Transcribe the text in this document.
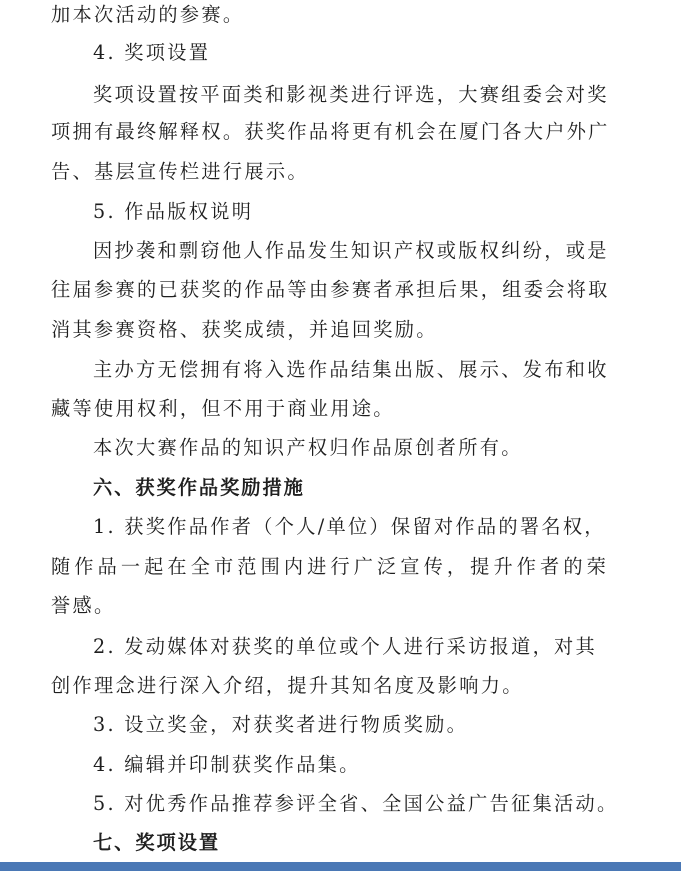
加本次活动的参赛。
4. 奖项设置
奖项设置按平面类和影视类进行评选，大赛组委会对奖
项拥有最终解释权。获奖作品将更有机会在厦门各大户外广
告、基层宣传栏进行展示。
5. 作品版权说明
因抄袭和剽窃他人作品发生知识产权或版权纠纷，或是
往届参赛的已获奖的作品等由参赛者承担后果，组委会将取
消其参赛资格、获奖成绩，并追回奖励。
主办方无偿拥有将入选作品结集出版、展示、发布和收
藏等使用权利，但不用于商业用途。
本次大赛作品的知识产权归作品原创者所有。
六、获奖作品奖励措施
1. 获奖作品作者（个人/单位）保留对作品的署名权，
随作品一起在全市范围内进行广泛宣传，提升作者的荣
誉感。
2. 发动媒体对获奖的单位或个人进行采访报道，对其
创作理念进行深入介绍，提升其知名度及影响力。
3. 设立奖金，对获奖者进行物质奖励。
4. 编辑并印制获奖作品集。
5. 对优秀作品推荐参评全省、全国公益广告征集活动。
七、奖项设置
